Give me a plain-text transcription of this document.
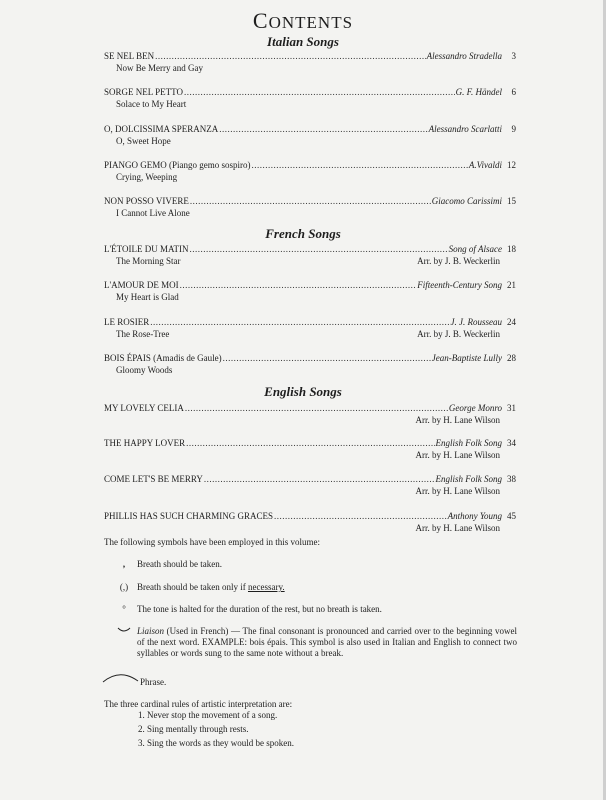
CONTENTS
Italian Songs
French Songs
English Songs
SE NEL BEN .....	Alessandro Stradella	3
Now Be Merry and Gay
SORGE NEL PETTO .....	G. F. Händel	6
Solace to My Heart
O, DOLCISSIMA SPERANZA .....	Alessandro Scarlatti	9
O, Sweet Hope
PIANGO GEMO (Piango gemo sospiro) .....	A.Vivaldi 12
Crying, Weeping
NON POSSO VIVERE .....	Giacomo Carissimi 15
I Cannot Live Alone
L'ÉTOILE DU MATIN .....	Song of Alsace 18
The Morning Star	Arr. by J. B. Weckerlin
L'AMOUR DE MOI .....	Fifteenth-Century Song 21
My Heart is Glad
LE ROSIER .....	J. J. Rousseau 24
The Rose-Tree	Arr. by J. B. Weckerlin
BOIS ÉPAIS (Amadis de Gaule) .....	Jean-Baptiste Lully 28
Gloomy Woods
MY LOVELY CELIA .....	George Monro 31
Arr. by H. Lane Wilson
THE HAPPY LOVER .....	English Folk Song 34
Arr. by H. Lane Wilson
COME LET'S BE MERRY .....	English Folk Song 38
Arr. by H. Lane Wilson
PHILLIS HAS SUCH CHARMING GRACES .....	Anthony Young 45
Arr. by H. Lane Wilson
The following symbols have been employed in this volume:
,	Breath should be taken.
(,) Breath should be taken only if necessary.
°	The tone is halted for the duration of the rest, but no breath is taken.
Liaison (Used in French) — The final consonant is pronounced and carried over to the beginning vowel of the next word. EXAMPLE: bois épais. This symbol is also used in Italian and English to connect two syllables or words sung to the same note without a break.
Phrase.
The three cardinal rules of artistic interpretation are:
1. Never stop the movement of a song.
2. Sing mentally through rests.
3. Sing the words as they would be spoken.
